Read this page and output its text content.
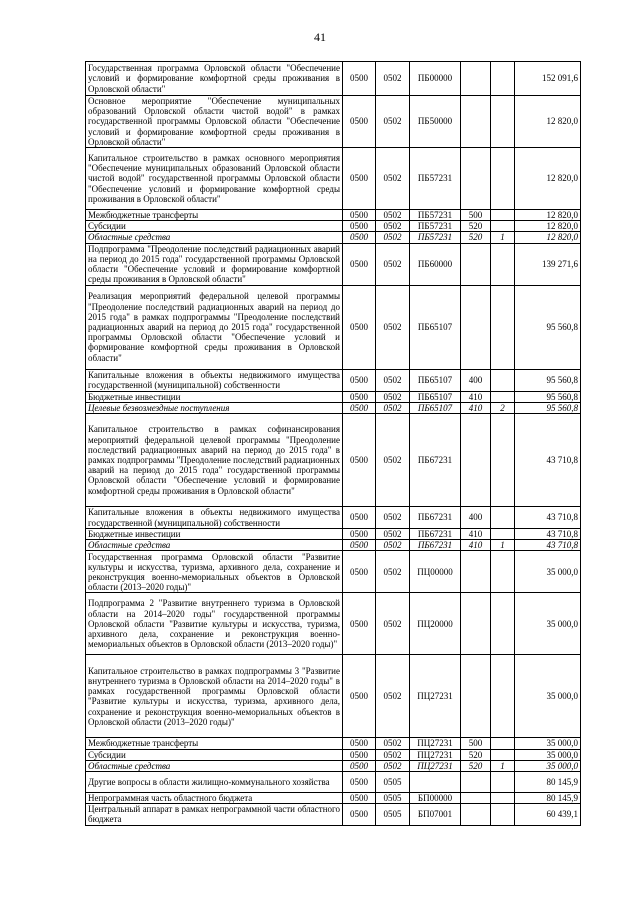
41
Государственная программа Орловской области "Обеспечение условий и формирование комфортной среды проживания в Орловской области"	0500	0502	ПБ00000			152 091,6
Основное мероприятие "Обеспечение муниципальных образований Орловской области чистой водой" в рамках государственной программы Орловской области "Обеспечение условий и формирование комфортной среды проживания в Орловской области"	0500	0502	ПБ50000			12 820,0
Капитальное строительство в рамках основного мероприятия "Обеспечение муниципальных образований Орловской области чистой водой" государственной программы Орловской области "Обеспечение условий и формирование комфортной среды проживания в Орловской области"	0500	0502	ПБ57231			12 820,0
Межбюджетные трансферты	0500	0502	ПБ57231	500		12 820,0
Субсидии	0500	0502	ПБ57231	520		12 820,0
Областные средства	0500	0502	ПБ57231	520	1	12 820,0
Подпрограмма "Преодоление последствий радиационных аварий на период до 2015 года" государственной программы Орловской области "Обеспечение условий и формирование комфортной среды проживания в Орловской области"	0500	0502	ПБ60000			139 271,6
Реализация мероприятий федеральной целевой программы "Преодоление последствий радиационных аварий на период до 2015 года" в рамках подпрограммы "Преодоление последствий радиационных аварий на период до 2015 года" государственной программы Орловской области "Обеспечение условий и формирование комфортной среды проживания в Орловской области"	0500	0502	ПБ65107			95 560,8
Капитальные вложения в объекты недвижимого имущества государственной (муниципальной) собственности	0500	0502	ПБ65107	400		95 560,8
Бюджетные инвестиции	0500	0502	ПБ65107	410		95 560,8
Целевые безвозмездные поступления	0500	0502	ПБ65107	410	2	95 560,8
Капитальное строительство в рамках софинансирования мероприятий федеральной целевой программы "Преодоление последствий радиационных аварий на период до 2015 года" в рамках подпрограммы "Преодоление последствий радиационных аварий на период до 2015 года" государственной программы Орловской области "Обеспечение условий и формирование комфортной среды проживания в Орловской области"	0500	0502	ПБ67231			43 710,8
Капитальные вложения в объекты недвижимого имущества государственной (муниципальной) собственности	0500	0502	ПБ67231	400		43 710,8
Бюджетные инвестиции	0500	0502	ПБ67231	410		43 710,8
Областные средства	0500	0502	ПБ67231	410	1	43 710,8
Государственная программа Орловской области "Развитие культуры и искусства, туризма, архивного дела, сохранение и реконструкция военно-мемориальных объектов в Орловской области (2013–2020 годы)"	0500	0502	ПЦ00000			35 000,0
Подпрограмма 2 "Развитие внутреннего туризма в Орловской области на 2014–2020 годы" государственной программы Орловской области "Развитие культуры и искусства, туризма, архивного дела, сохранение и реконструкция военно-мемориальных объектов в Орловской области (2013–2020 годы)"	0500	0502	ПЦ20000			35 000,0
Капитальное строительство в рамках подпрограммы 3 "Развитие внутреннего туризма в Орловской области на 2014–2020 годы" в рамках государственной программы Орловской области "Развитие культуры и искусства, туризма, архивного дела, сохранение и реконструкция военно-мемориальных объектов в Орловской области (2013–2020 годы)"	0500	0502	ПЦ27231			35 000,0
Межбюджетные трансферты	0500	0502	ПЦ27231	500		35 000,0
Субсидии	0500	0502	ПЦ27231	520		35 000,0
Областные средства	0500	0502	ПЦ27231	520	1	35 000,0
Другие вопросы в области жилищно-коммунального хозяйства	0500	0505				80 145,9
Непрограммная часть областного бюджета	0500	0505	БП00000			80 145,9
Центральный аппарат в рамках непрограммной части областного бюджета	0500	0505	БП07001			60 439,1
